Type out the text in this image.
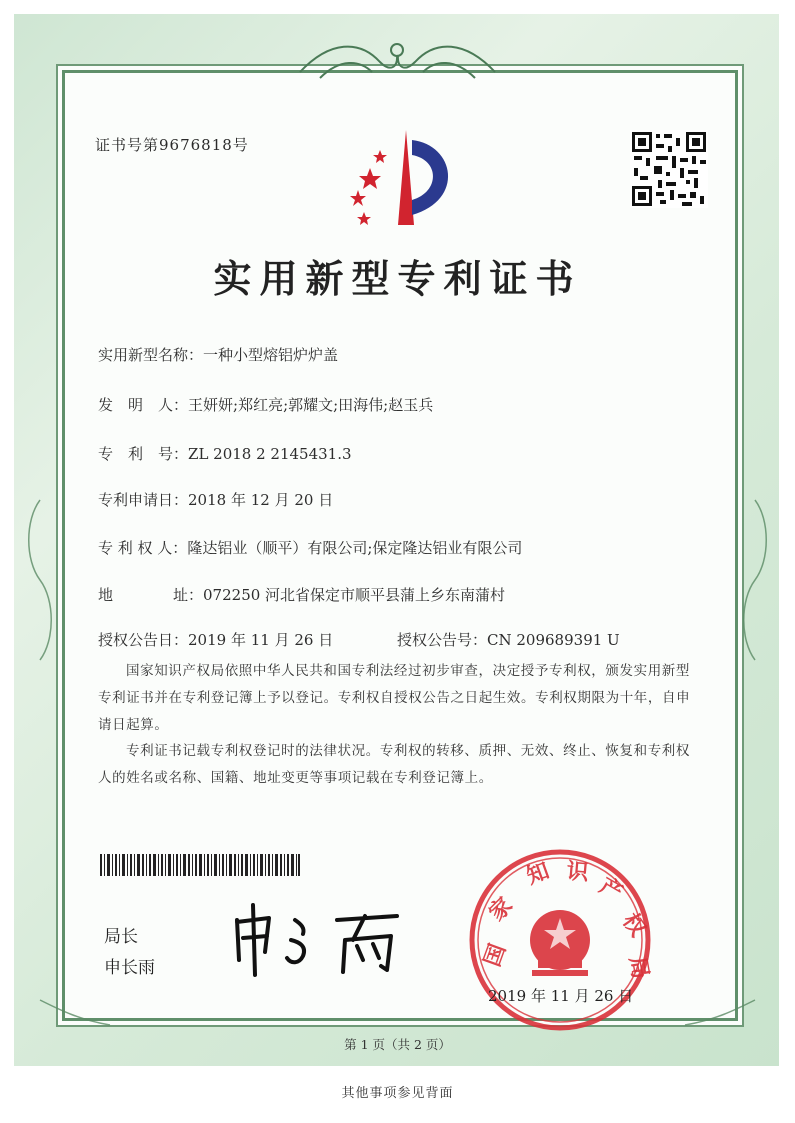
证书号第9676818号

实用新型专利证书
实用新型名称：一种小型熔铝炉炉盖
发　明　人：王妍妍;郑红亮;郭耀文;田海伟;赵玉兵
专　利　号：ZL 2018 2 2145431.3
专利申请日：2018 年 12 月 20 日
专 利 权 人：隆达铝业（顺平）有限公司;保定隆达铝业有限公司
地　　　　址：072250 河北省保定市顺平县蒲上乡东南蒲村
授权公告日：2019 年 11 月 26 日	授权公告号：CN 209689391 U

国家知识产权局依照中华人民共和国专利法经过初步审查，决定授予专利权，颁发实用新型专利证书并在专利登记簿上予以登记。专利权自授权公告之日起生效。专利权期限为十年，自申请日起算。

专利证书记载专利权登记时的法律状况。专利权的转移、质押、无效、终止、恢复和专利权人的姓名或名称、国籍、地址变更等事项记载在专利登记簿上。

局长

申长雨	国
家
知 识
产
权
局

2019 年 11 月 26 日

第 1 页（共 2 页）

其他事项参见背面
